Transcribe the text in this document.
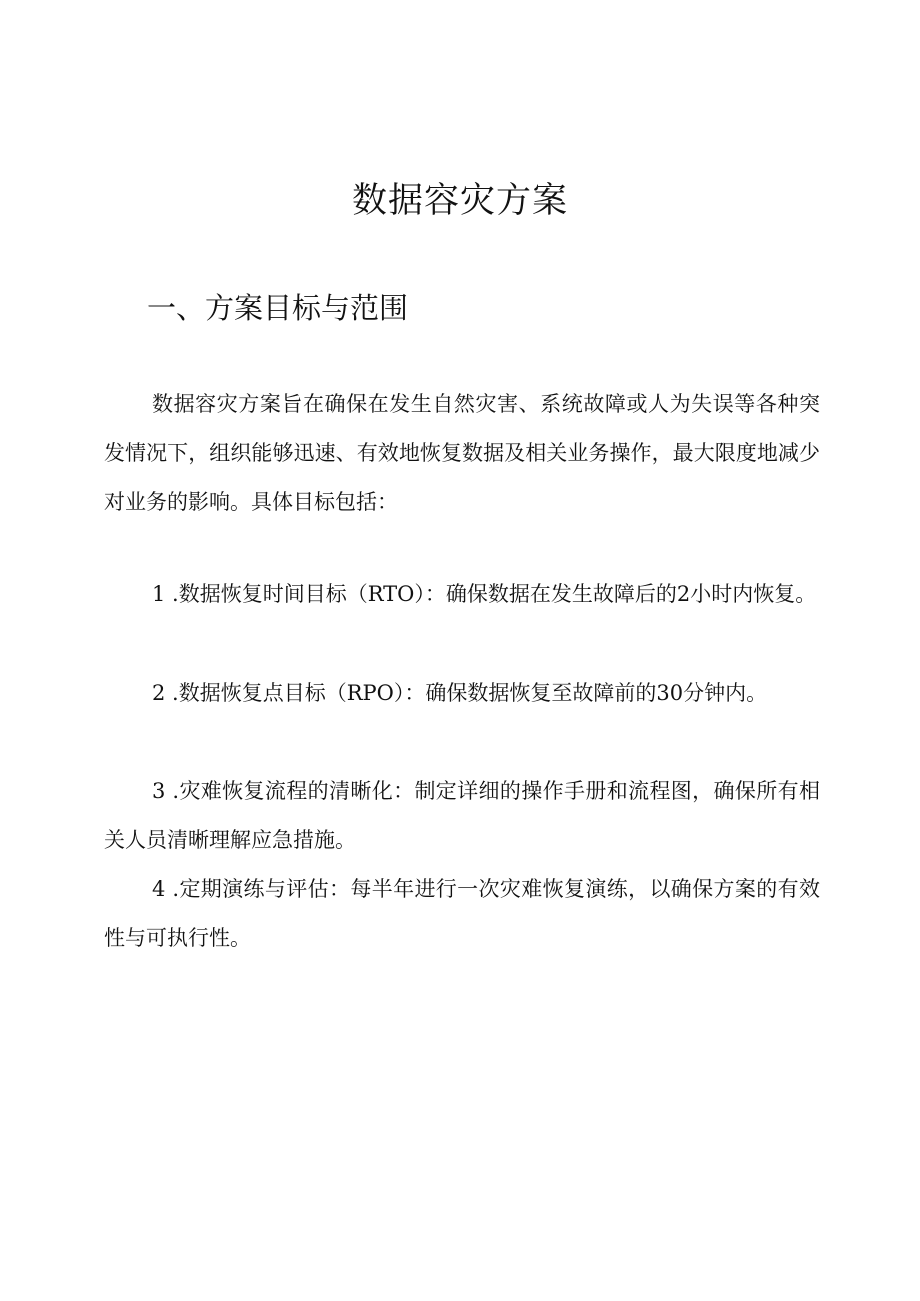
数据容灾方案
一、方案目标与范围

数据容灾方案旨在确保在发生自然灾害、系统故障或人为失误等各种突发情况下，组织能够迅速、有效地恢复数据及相关业务操作，最大限度地减少对业务的影响。具体目标包括：

1 .数据恢复时间目标（RTO）：确保数据在发生故障后的2小时内恢复。

2 .数据恢复点目标（RPO）：确保数据恢复至故障前的30分钟内。

3 .灾难恢复流程的清晰化：制定详细的操作手册和流程图，确保所有相关人员清晰理解应急措施。

4 .定期演练与评估：每半年进行一次灾难恢复演练，以确保方案的有效性与可执行性。
